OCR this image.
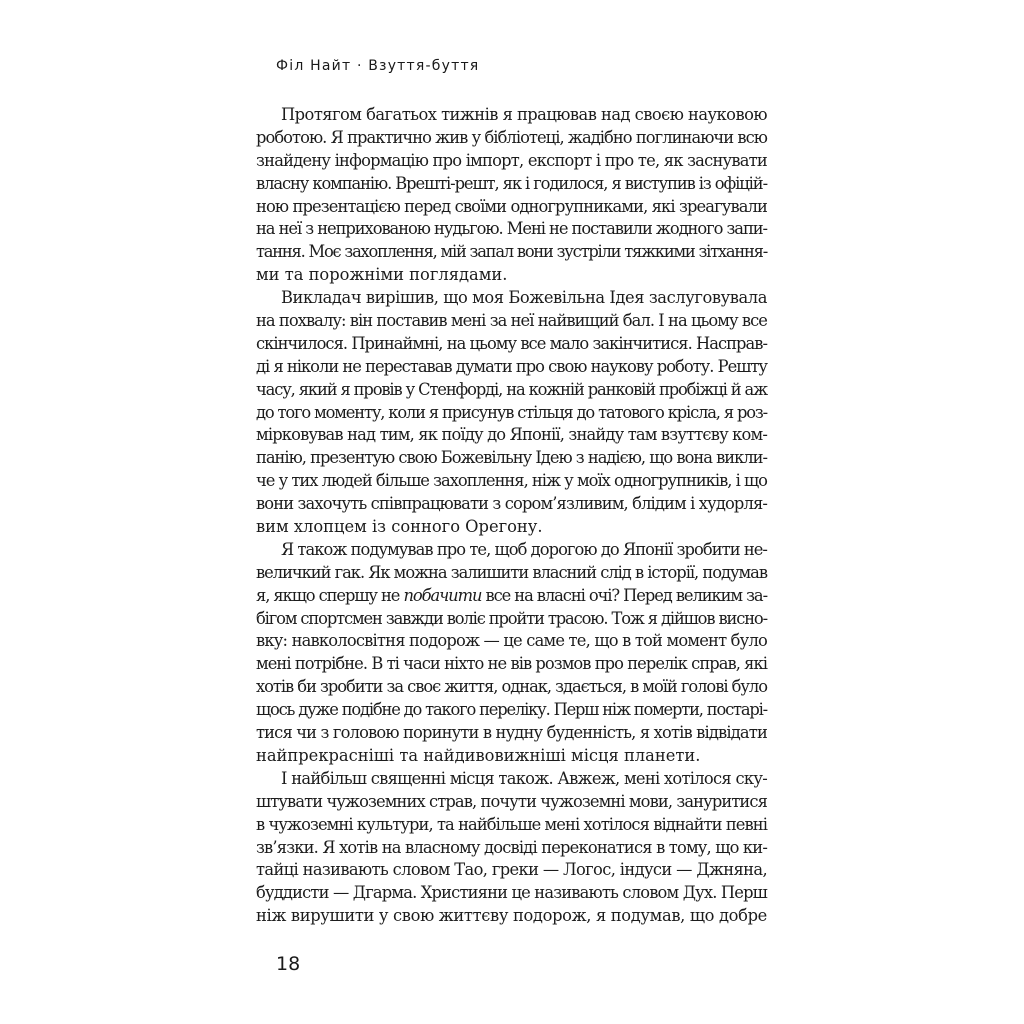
Філ Найт · Взуття-буття
Протягом багатьох тижнів я працював над своєю науковою
роботою. Я практично жив у бібліотеці, жадібно поглинаючи всю
знайдену інформацію про імпорт, експорт і про те, як заснувати
власну компанію. Врешті-решт, як і годилося, я виступив із офіцій-
ною презентацією перед своїми одногрупниками, які зреагували
на неї з неприхованою нудьгою. Мені не поставили жодного запи-
тання. Моє захоплення, мій запал вони зустріли тяжкими зітхання-
ми та порожніми поглядами.
Викладач вирішив, що моя Божевільна Ідея заслуговувала
на похвалу: він поставив мені за неї найвищий бал. І на цьому все
скінчилося. Принаймні, на цьому все мало закінчитися. Насправ-
ді я ніколи не переставав думати про свою наукову роботу. Решту
часу, який я провів у Стенфорді, на кожній ранковій пробіжці й аж
до того моменту, коли я присунув стільця до татового крісла, я роз-
мірковував над тим, як поїду до Японії, знайду там взуттєву ком-
панію, презентую свою Божевільну Ідею з надією, що вона викли-
че у тих людей більше захоплення, ніж у моїх одногрупників, і що
вони захочуть співпрацювати з сором’язливим, блідим і худорля-
вим хлопцем із сонного Орегону.
Я також подумував про те, щоб дорогою до Японії зробити не-
величкий гак. Як можна залишити власний слід в історії, подумав
я, якщо спершу не побачити все на власні очі? Перед великим за-
бігом спортсмен завжди воліє пройти трасою. Тож я дійшов висно-
вку: навколосвітня подорож — це саме те, що в той момент було
мені потрібне. В ті часи ніхто не вів розмов про перелік справ, які
хотів би зробити за своє життя, однак, здається, в моїй голові було
щось дуже подібне до такого переліку. Перш ніж померти, постарі-
тися чи з головою поринути в нудну буденність, я хотів відвідати
найпрекрасніші та найдивовижніші місця планети.
І найбільш священні місця також. Авжеж, мені хотілося ску-
штувати чужоземних страв, почути чужоземні мови, зануритися
в чужоземні культури, та найбільше мені хотілося віднайти певні
зв’язки. Я хотів на власному досвіді переконатися в тому, що ки-
тайці називають словом Тао, греки — Логос, індуси — Джняна,
буддисти — Дгарма. Християни це називають словом Дух. Перш
ніж вирушити у свою життєву подорож, я подумав, що добре
18
